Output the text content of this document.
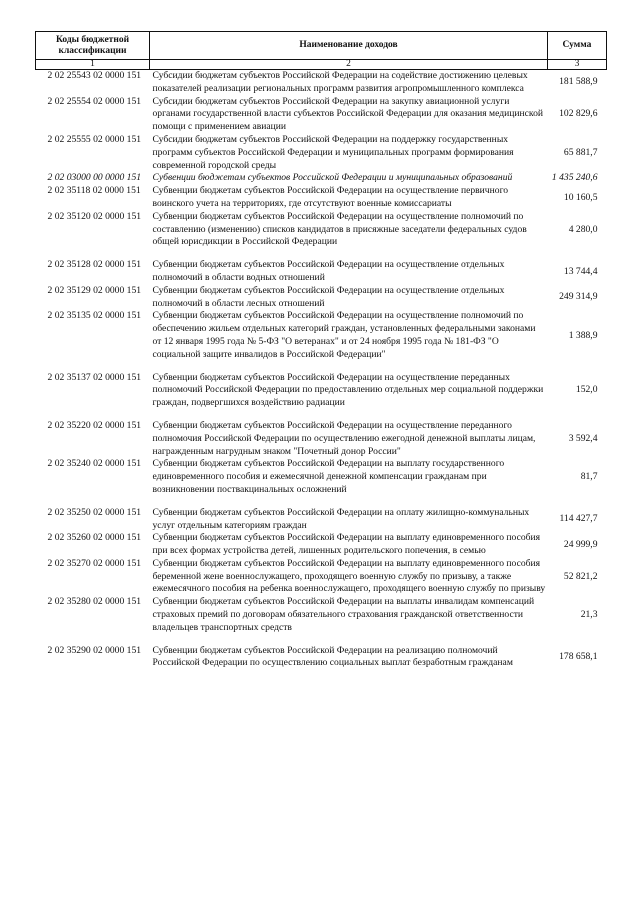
Коды бюджетной классификации	Наименование доходов	Сумма
1	2	3
2 02 25543 02 0000 151	Субсидии бюджетам субъектов Российской Федерации на содействие достижению целевых показателей реализации региональных программ развития агропромышленного комплекса	181 588,9
2 02 25554 02 0000 151	Субсидии бюджетам субъектов Российской Федерации на закупку авиационной услуги органами государственной власти субъектов Российской Федерации для оказания медицинской помощи с применением авиации	102 829,6
2 02 25555 02 0000 151	Субсидии бюджетам субъектов Российской Федерации на поддержку государственных программ субъектов Российской Федерации и муниципальных программ формирования современной городской среды	65 881,7
2 02 03000 00 0000 151	Субвенции бюджетам субъектов Российской Федерации и муниципальных образований	1 435 240,6
2 02 35118 02 0000 151	Субвенции бюджетам субъектов Российской Федерации на осуществление первичного воинского учета на территориях, где отсутствуют военные комиссариаты	10 160,5
2 02 35120 02 0000 151	Субвенции бюджетам субъектов Российской Федерации на осуществление полномочий по составлению (изменению) списков кандидатов в присяжные заседатели федеральных судов общей юрисдикции в Российской Федерации	4 280,0
2 02 35128 02 0000 151	Субвенции бюджетам субъектов Российской Федерации на осуществление отдельных полномочий в области водных отношений	13 744,4
2 02 35129 02 0000 151	Субвенции бюджетам субъектов Российской Федерации на осуществление отдельных полномочий в области лесных отношений	249 314,9
2 02 35135 02 0000 151	Субвенции бюджетам субъектов Российской Федерации на осуществление полномочий по обеспечению жильем отдельных категорий граждан, установленных федеральными законами от 12 января 1995 года № 5-ФЗ "О ветеранах" и от 24 ноября 1995 года № 181-ФЗ "О социальной защите инвалидов в Российской Федерации"	1 388,9
2 02 35137 02 0000 151	Субвенции бюджетам субъектов Российской Федерации на осуществление переданных полномочий Российской Федерации по предоставлению отдельных мер социальной поддержки граждан, подвергшихся воздействию радиации	152,0
2 02 35220 02 0000 151	Субвенции бюджетам субъектов Российской Федерации на осуществление переданного полномочия Российской Федерации по осуществлению ежегодной денежной выплаты лицам, награжденным нагрудным знаком "Почетный донор России"	3 592,4
2 02 35240 02 0000 151	Субвенции бюджетам субъектов Российской Федерации на выплату государственного единовременного пособия и ежемесячной денежной компенсации гражданам при возникновении поствакцинальных осложнений	81,7
2 02 35250 02 0000 151	Субвенции бюджетам субъектов Российской Федерации на оплату жилищно-коммунальных услуг отдельным категориям граждан	114 427,7
2 02 35260 02 0000 151	Субвенции бюджетам субъектов Российской Федерации на выплату единовременного пособия при всех формах устройства детей, лишенных родительского попечения, в семью	24 999,9
2 02 35270 02 0000 151	Субвенции бюджетам субъектов Российской Федерации на выплату единовременного пособия беременной жене военнослужащего, проходящего военную службу по призыву, а также ежемесячного пособия на ребенка военнослужащего, проходящего военную службу по призыву	52 821,2
2 02 35280 02 0000 151	Субвенции бюджетам субъектов Российской Федерации на выплаты инвалидам компенсаций страховых премий по договорам обязательного страхования гражданской ответственности владельцев транспортных средств	21,3
2 02 35290 02 0000 151	Субвенции бюджетам субъектов Российской Федерации на реализацию полномочий Российской Федерации по осуществлению социальных выплат безработным гражданам	178 658,1
